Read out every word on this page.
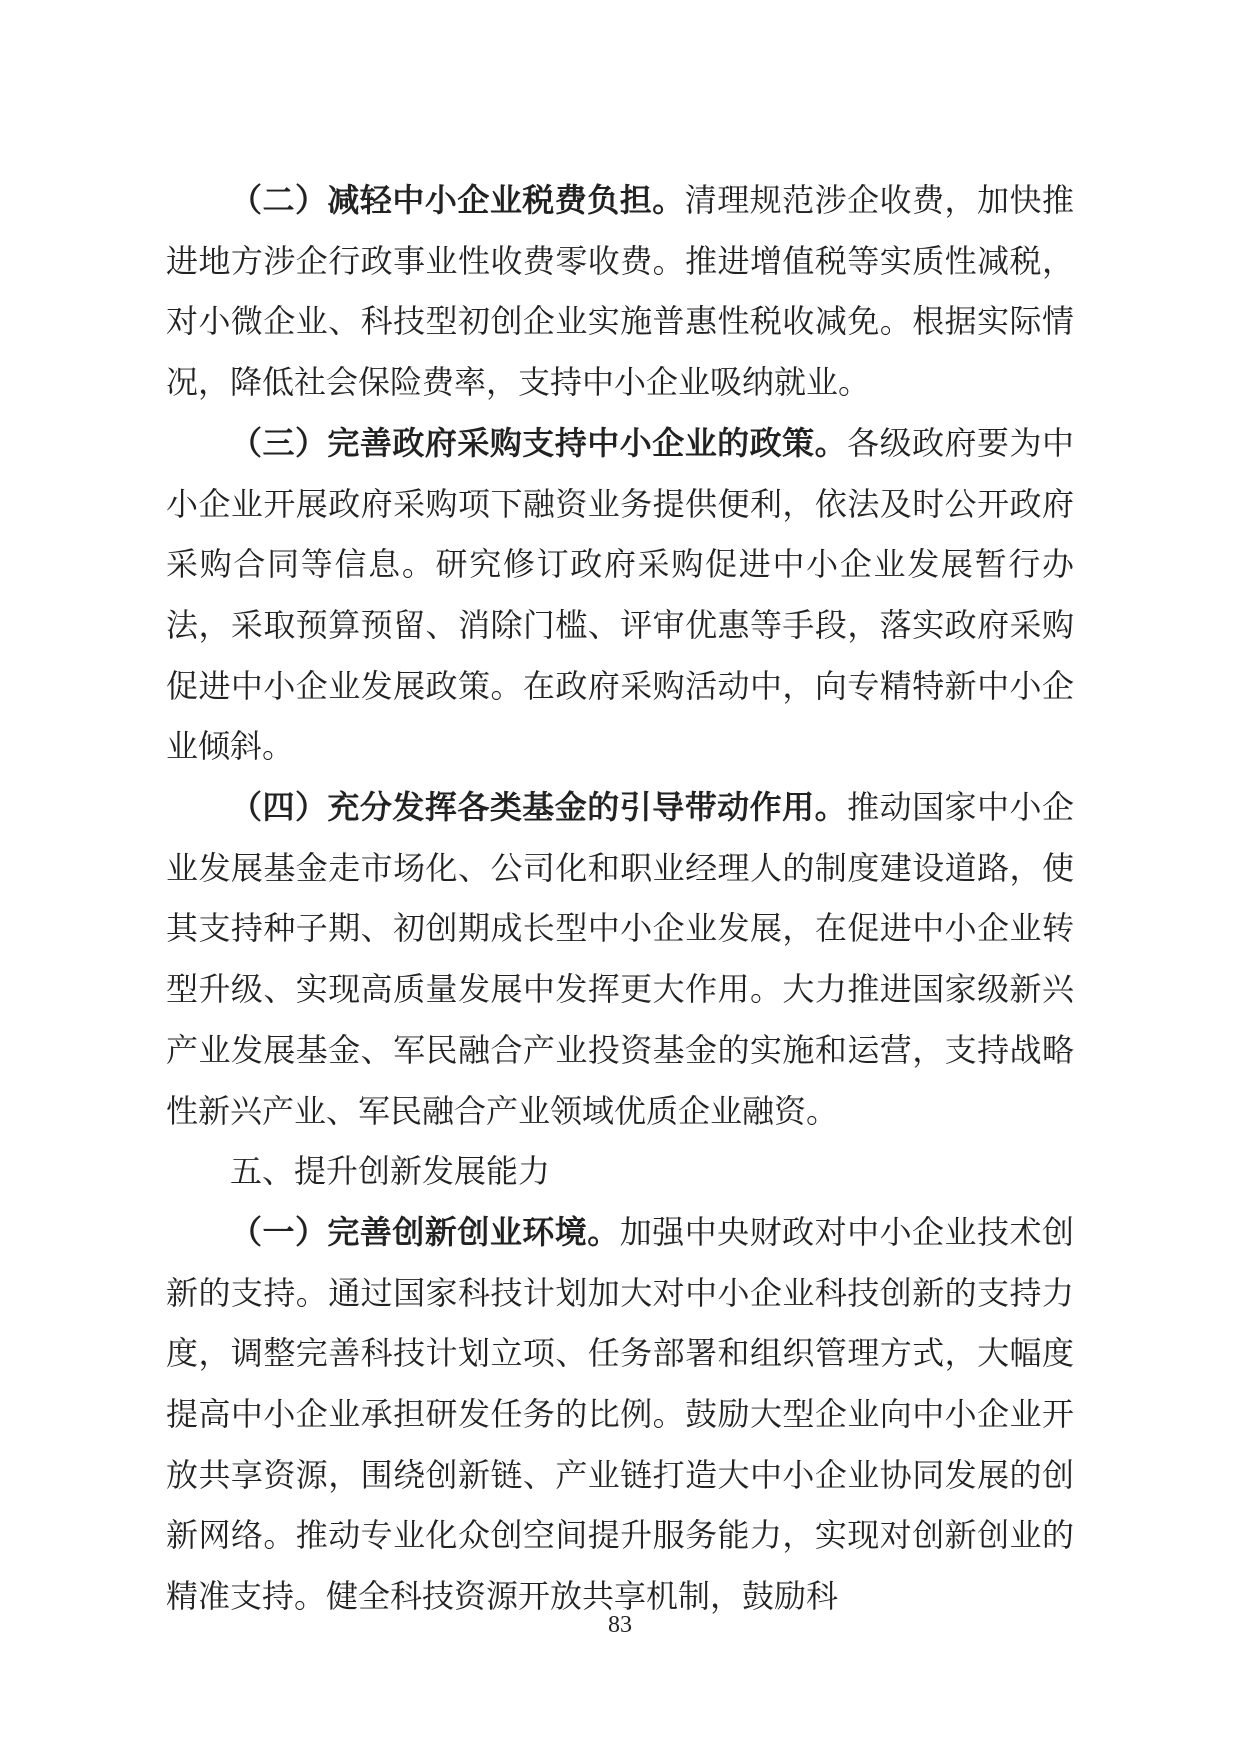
（二）减轻中小企业税费负担。清理规范涉企收费，加快推进地方涉企行政事业性收费零收费。推进增值税等实质性减税，对小微企业、科技型初创企业实施普惠性税收减免。根据实际情况，降低社会保险费率，支持中小企业吸纳就业。

（三）完善政府采购支持中小企业的政策。各级政府要为中小企业开展政府采购项下融资业务提供便利，依法及时公开政府采购合同等信息。研究修订政府采购促进中小企业发展暂行办法，采取预算预留、消除门槛、评审优惠等手段，落实政府采购促进中小企业发展政策。在政府采购活动中，向专精特新中小企业倾斜。

（四）充分发挥各类基金的引导带动作用。推动国家中小企业发展基金走市场化、公司化和职业经理人的制度建设道路，使其支持种子期、初创期成长型中小企业发展，在促进中小企业转型升级、实现高质量发展中发挥更大作用。大力推进国家级新兴产业发展基金、军民融合产业投资基金的实施和运营，支持战略性新兴产业、军民融合产业领域优质企业融资。

五、提升创新发展能力

（一）完善创新创业环境。加强中央财政对中小企业技术创新的支持。通过国家科技计划加大对中小企业科技创新的支持力度，调整完善科技计划立项、任务部署和组织管理方式，大幅度提高中小企业承担研发任务的比例。鼓励大型企业向中小企业开放共享资源，围绕创新链、产业链打造大中小企业协同发展的创新网络。推动专业化众创空间提升服务能力，实现对创新创业的精准支持。健全科技资源开放共享机制，鼓励科

83
